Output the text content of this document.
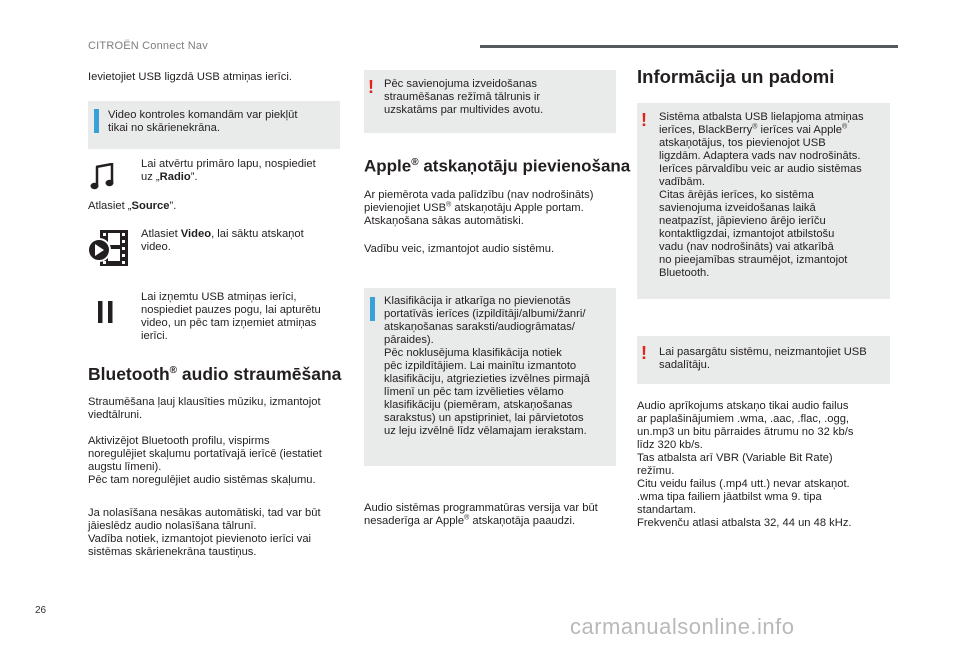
CITROËN Connect Nav

Ievietojiet USB ligzdā USB atmiņas ierīci.

Video kontroles komandām var piekļūt

tikai no skārienekrāna.

Lai atvērtu primāro lapu, nospiediet

uz „Radio”.

Atlasiet „Source”.

Atlasiet Video, lai sāktu atskaņot

video.

Lai izņemtu USB atmiņas ierīci,

nospiediet pauzes pogu, lai apturētu

video, un pēc tam izņemiet atmiņas

ierīci.

Bluetooth® audio straumēšana

Straumēšana ļauj klausīties mūziku, izmantojot

viedtālruni.

Aktivizējot Bluetooth profilu, vispirms

noregulējiet skaļumu portatīvajā ierīcē (iestatiet

augstu līmeni).

Pēc tam noregulējiet audio sistēmas skaļumu.

Ja nolasīšana nesākas automātiski, tad var būt

jāieslēdz audio nolasīšana tālrunī.

Vadība notiek, izmantojot pievienoto ierīci vai

sistēmas skārienekrāna taustiņus.

! Pēc savienojuma izveidošanas

straumēšanas režīmā tālrunis ir

uzskatāms par multivides avotu.

Apple® atskaņotāju pievienošana

Ar piemērota vada palīdzību (nav nodrošināts)

pievienojiet USB® atskaņotāju Apple portam.

Atskaņošana sākas automātiski.

Vadību veic, izmantojot audio sistēmu.

Klasifikācija ir atkarīga no pievienotās

portatīvās ierīces (izpildītāji/albumi/žanri/

atskaņošanas saraksti/audiogrāmatas/

pāraides).

Pēc noklusējuma klasifikācija notiek

pēc izpildītājiem. Lai mainītu izmantoto

klasifikāciju, atgriezieties izvēlnes pirmajā

līmenī un pēc tam izvēlieties vēlamo

klasifikāciju (piemēram, atskaņošanas

sarakstus) un apstipriniet, lai pārvietotos

uz leju izvēlnē līdz vēlamajam ierakstam.

Audio sistēmas programmatūras versija var būt

nesaderīga ar Apple® atskaņotāja paaudzi.

Informācija un padomi
! Sistēma atbalsta USB lielapjoma atmiņas

ierīces, BlackBerry® ierīces vai Apple®

atskaņotājus, tos pievienojot USB

ligzdām. Adaptera vads nav nodrošināts.

Ierīces pārvaldību veic ar audio sistēmas

vadībām.

Citas ārējās ierīces, ko sistēma

savienojuma izveidošanas laikā

neatpazīst, jāpievieno ārējo ierīču

kontaktligzdai, izmantojot atbilstošu

vadu (nav nodrošināts) vai atkarībā

no pieejamības straumējot, izmantojot

Bluetooth.

! Lai pasargātu sistēmu, neizmantojiet USB

sadalītāju.

Audio aprīkojums atskaņo tikai audio failus

ar paplašinājumiem .wma, .aac, .flac, .ogg,

un.mp3 un bitu pārraides ātrumu no 32 kb/s

līdz 320 kb/s.

Tas atbalsta arī VBR (Variable Bit Rate)

režīmu.

Citu veidu failus (.mp4 utt.) nevar atskaņot.

.wma tipa failiem jāatbilst wma 9. tipa

standartam.

Frekvenču atlasi atbalsta 32, 44 un 48 kHz.

26
carmanualsonline.info
